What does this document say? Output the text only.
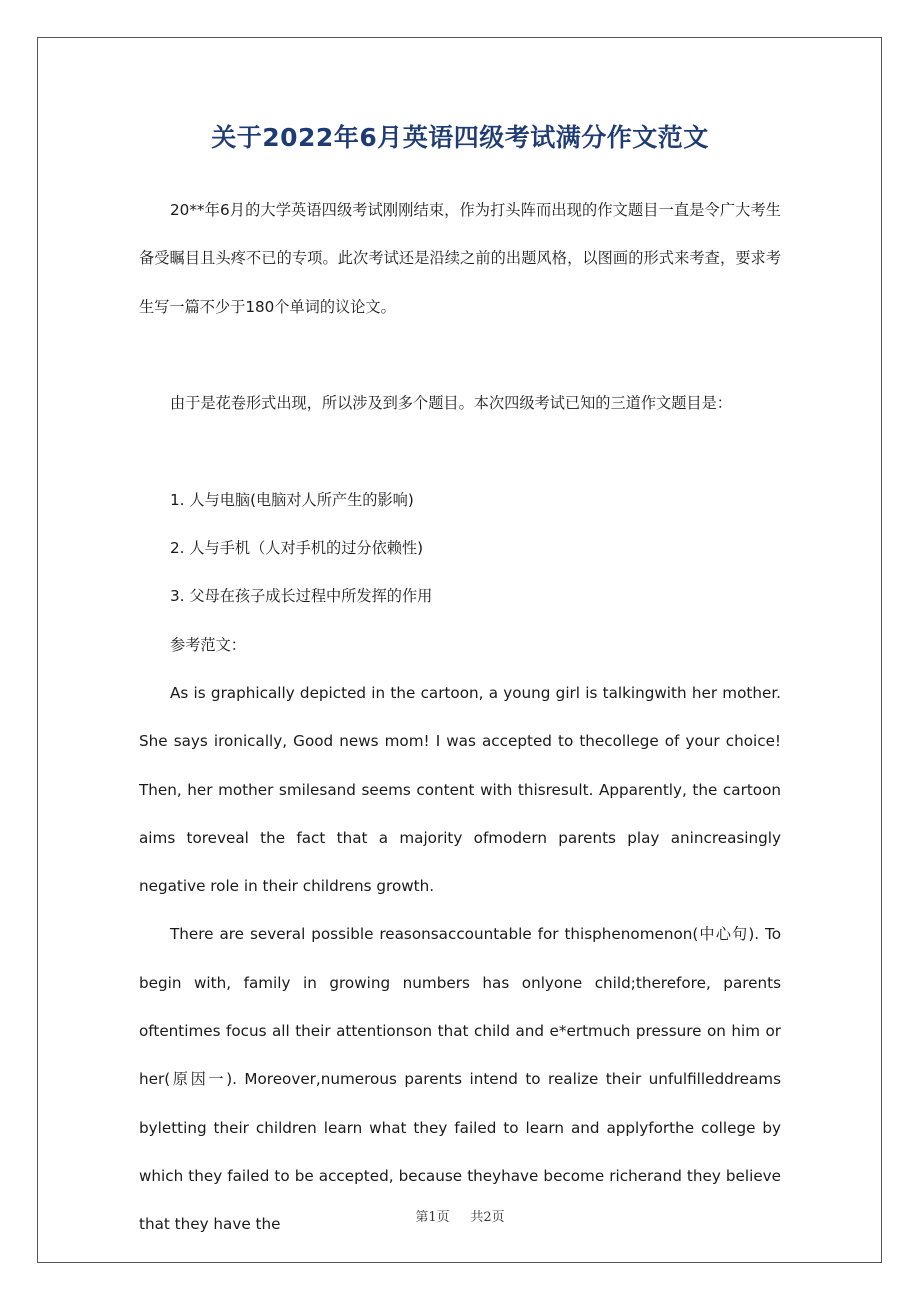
关于2022年6月英语四级考试满分作文范文

20**年6月的大学英语四级考试刚刚结束，作为打头阵而出现的作文题目一直是令广大考生备受瞩目且头疼不已的专项。此次考试还是沿续之前的出题风格，以图画的形式来考查，要求考生写一篇不少于180个单词的议论文。

由于是花卷形式出现，所以涉及到多个题目。本次四级考试已知的三道作文题目是：

1. 人与电脑(电脑对人所产生的影响)

2. 人与手机（人对手机的过分依赖性)

3. 父母在孩子成长过程中所发挥的作用

参考范文：

As is graphically depicted in the cartoon, a young girl is talkingwith her mother. She says ironically, Good news mom! I was accepted to thecollege of your choice! Then, her mother smilesand seems content with thisresult. Apparently, the cartoon aims toreveal the fact that a majority ofmodern parents play anincreasingly negative role in their childrens growth.

There are several possible reasonsaccountable for thisphenomenon(中心句). To begin with, family in growing numbers has onlyone child;therefore, parents oftentimes focus all their attentionson that child and e*ertmuch pressure on him or her(原因一). Moreover,numerous parents intend to realize their unfulfilleddreams byletting their children learn what they failed to learn and applyforthe college by which they failed to be accepted, because theyhave become richerand they believe that they have the	第1页 共2页
